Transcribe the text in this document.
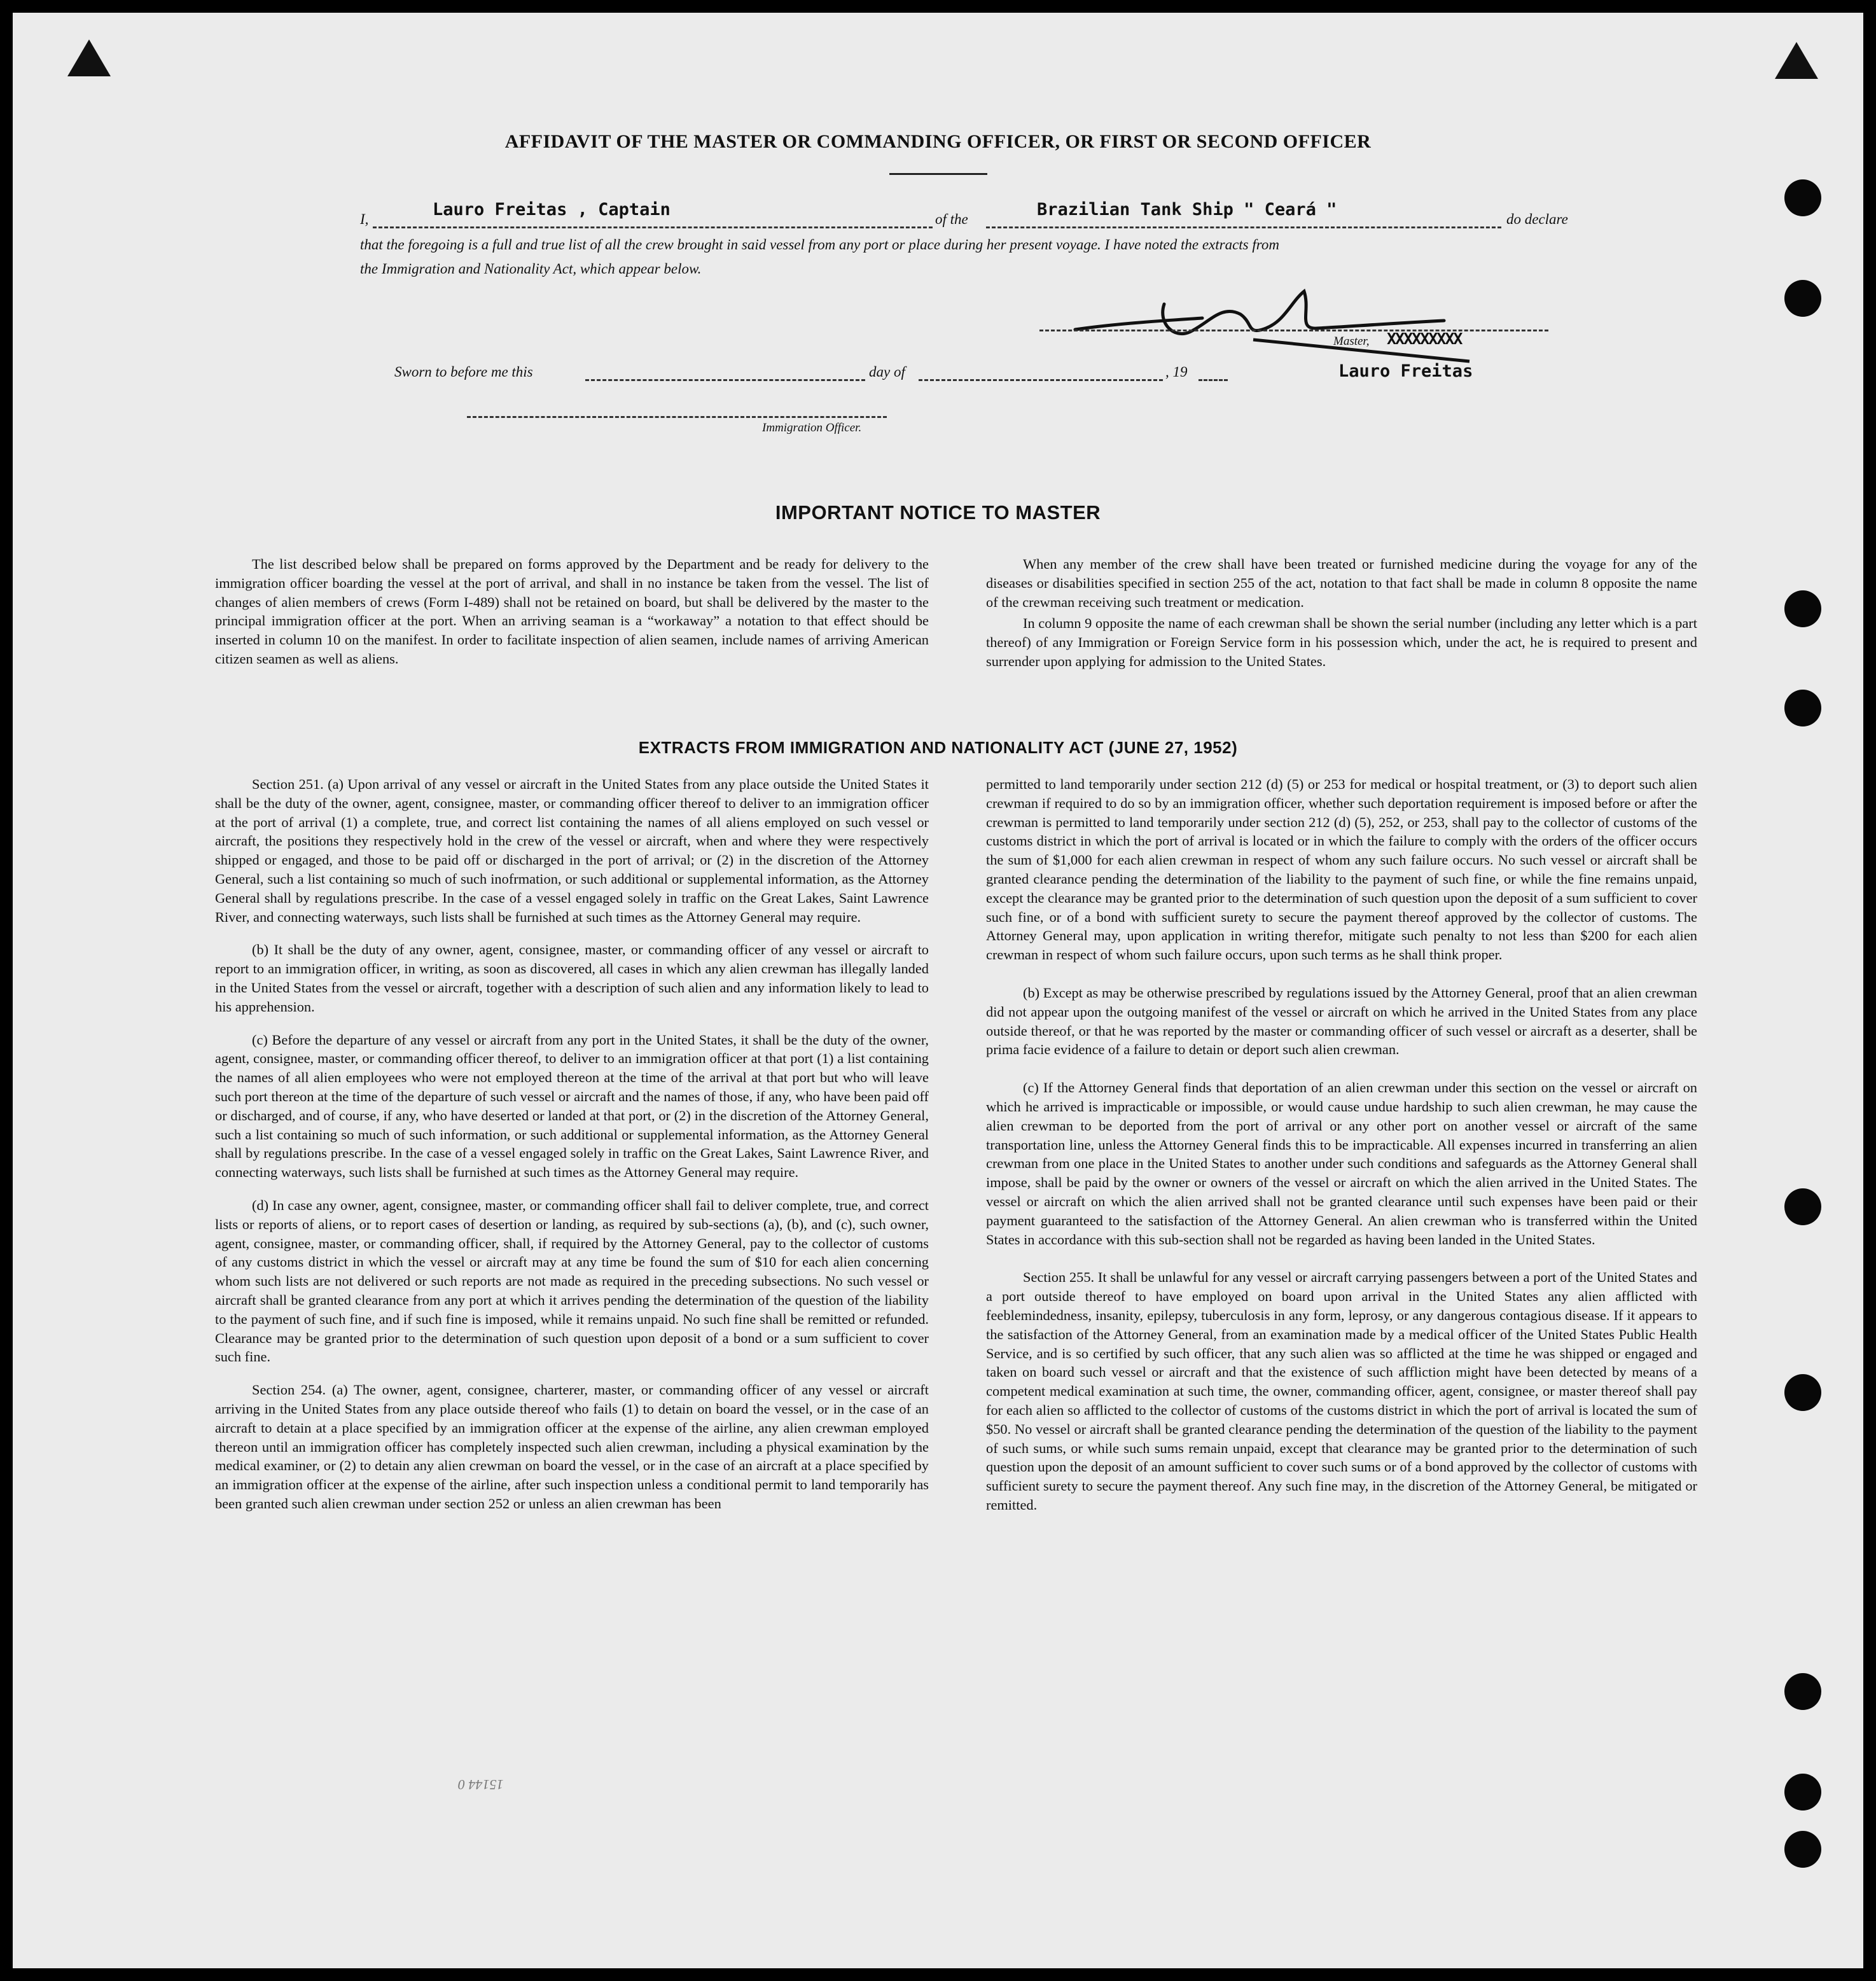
AFFIDAVIT OF THE MASTER OR COMMANDING OFFICER, OR FIRST OR SECOND OFFICER
I,	Lauro Freitas , Captain	of the	Brazilian Tank Ship " Ceará "	do declare
that the foregoing is a full and true list of all the crew brought in said vessel from any port or place during her present voyage. I have noted the extracts from
the Immigration and Nationality Act, which appear below.
Master, XXXXXXXXX
Lauro Freitas
Sworn to before me this	day of	, 19
Immigration Officer.
IMPORTANT NOTICE TO MASTER

The list described below shall be prepared on forms approved by the Department and be ready for delivery to the immigration officer boarding the vessel at the port of arrival, and shall in no instance be taken from the vessel. The list of changes of alien members of crews (Form I-489) shall not be retained on board, but shall be delivered by the master to the principal immigration officer at the port. When an arriving seaman is a “workaway” a notation to that effect should be inserted in column 10 on the manifest. In order to facilitate inspection of alien seamen, include names of arriving American citizen seamen as well as aliens.

When any member of the crew shall have been treated or furnished medicine during the voyage for any of the diseases or disabilities specified in section 255 of the act, notation to that fact shall be made in column 8 opposite the name of the crewman receiving such treatment or medication.

In column 9 opposite the name of each crewman shall be shown the serial number (including any letter which is a part thereof) of any Immigration or Foreign Service form in his possession which, under the act, he is required to present and surrender upon applying for admission to the United States.

EXTRACTS FROM IMMIGRATION AND NATIONALITY ACT (JUNE 27, 1952)

Section 251. (a) Upon arrival of any vessel or aircraft in the United States from any place outside the United States it shall be the duty of the owner, agent, consignee, master, or commanding officer thereof to deliver to an immigration officer at the port of arrival (1) a complete, true, and correct list containing the names of all aliens employed on such vessel or aircraft, the positions they respectively hold in the crew of the vessel or aircraft, when and where they were respectively shipped or engaged, and those to be paid off or discharged in the port of arrival; or (2) in the discretion of the Attorney General, such a list containing so much of such inofrmation, or such additional or supplemental information, as the Attorney General shall by regulations prescribe. In the case of a vessel engaged solely in traffic on the Great Lakes, Saint Lawrence River, and connecting waterways, such lists shall be furnished at such times as the Attorney General may require.

(b) It shall be the duty of any owner, agent, consignee, master, or commanding officer of any vessel or aircraft to report to an immigration officer, in writing, as soon as discovered, all cases in which any alien crewman has illegally landed in the United States from the vessel or aircraft, together with a description of such alien and any information likely to lead to his apprehension.

(c) Before the departure of any vessel or aircraft from any port in the United States, it shall be the duty of the owner, agent, consignee, master, or commanding officer thereof, to deliver to an immigration officer at that port (1) a list containing the names of all alien employees who were not employed thereon at the time of the arrival at that port but who will leave such port thereon at the time of the departure of such vessel or aircraft and the names of those, if any, who have been paid off or discharged, and of course, if any, who have deserted or landed at that port, or (2) in the discretion of the Attorney General, such a list containing so much of such information, or such additional or supplemental information, as the Attorney General shall by regulations prescribe. In the case of a vessel engaged solely in traffic on the Great Lakes, Saint Lawrence River, and connecting waterways, such lists shall be furnished at such times as the Attorney General may require.

(d) In case any owner, agent, consignee, master, or commanding officer shall fail to deliver complete, true, and correct lists or reports of aliens, or to report cases of desertion or landing, as required by sub-sections (a), (b), and (c), such owner, agent, consignee, master, or commanding officer, shall, if required by the Attorney General, pay to the collector of customs of any customs district in which the vessel or aircraft may at any time be found the sum of $10 for each alien concerning whom such lists are not delivered or such reports are not made as required in the preceding subsections. No such vessel or aircraft shall be granted clearance from any port at which it arrives pending the determination of the question of the liability to the payment of such fine, and if such fine is imposed, while it remains unpaid. No such fine shall be remitted or refunded. Clearance may be granted prior to the determination of such question upon deposit of a bond or a sum sufficient to cover such fine.

Section 254. (a) The owner, agent, consignee, charterer, master, or commanding officer of any vessel or aircraft arriving in the United States from any place outside thereof who fails (1) to detain on board the vessel, or in the case of an aircraft to detain at a place specified by an immigration officer at the expense of the airline, any alien crewman employed thereon until an immigration officer has completely inspected such alien crewman, including a physical examination by the medical examiner, or (2) to detain any alien crewman on board the vessel, or in the case of an aircraft at a place specified by an immigration officer at the expense of the airline, after such inspection unless a conditional permit to land temporarily has been granted such alien crewman under section 252 or unless an alien crewman has been

permitted to land temporarily under section 212 (d) (5) or 253 for medical or hospital treatment, or (3) to deport such alien crewman if required to do so by an immigration officer, whether such deportation requirement is imposed before or after the crewman is permitted to land temporarily under section 212 (d) (5), 252, or 253, shall pay to the collector of customs of the customs district in which the port of arrival is located or in which the failure to comply with the orders of the officer occurs the sum of $1,000 for each alien crewman in respect of whom any such failure occurs. No such vessel or aircraft shall be granted clearance pending the determination of the liability to the payment of such fine, or while the fine remains unpaid, except the clearance may be granted prior to the determination of such question upon the deposit of a sum sufficient to cover such fine, or of a bond with sufficient surety to secure the payment thereof approved by the collector of customs. The Attorney General may, upon application in writing therefor, mitigate such penalty to not less than $200 for each alien crewman in respect of whom such failure occurs, upon such terms as he shall think proper.

(b) Except as may be otherwise prescribed by regulations issued by the Attorney General, proof that an alien crewman did not appear upon the outgoing manifest of the vessel or aircraft on which he arrived in the United States from any place outside thereof, or that he was reported by the master or commanding officer of such vessel or aircraft as a deserter, shall be prima facie evidence of a failure to detain or deport such alien crewman.

(c) If the Attorney General finds that deportation of an alien crewman under this section on the vessel or aircraft on which he arrived is impracticable or impossible, or would cause undue hardship to such alien crewman, he may cause the alien crewman to be deported from the port of arrival or any other port on another vessel or aircraft of the same transportation line, unless the Attorney General finds this to be impracticable. All expenses incurred in transferring an alien crewman from one place in the United States to another under such conditions and safeguards as the Attorney General shall impose, shall be paid by the owner or owners of the vessel or aircraft on which the alien arrived in the United States. The vessel or aircraft on which the alien arrived shall not be granted clearance until such expenses have been paid or their payment guaranteed to the satisfaction of the Attorney General. An alien crewman who is transferred within the United States in accordance with this sub-section shall not be regarded as having been landed in the United States.

Section 255. It shall be unlawful for any vessel or aircraft carrying passengers between a port of the United States and a port outside thereof to have employed on board upon arrival in the United States any alien afflicted with feeblemindedness, insanity, epilepsy, tuberculosis in any form, leprosy, or any dangerous contagious disease. If it appears to the satisfaction of the Attorney General, from an examination made by a medical officer of the United States Public Health Service, and is so certified by such officer, that any such alien was so afflicted at the time he was shipped or engaged and taken on board such vessel or aircraft and that the existence of such affliction might have been detected by means of a competent medical examination at such time, the owner, commanding officer, agent, consignee, or master thereof shall pay for each alien so afflicted to the collector of customs of the customs district in which the port of arrival is located the sum of $50. No vessel or aircraft shall be granted clearance pending the determination of the question of the liability to the payment of such sums, or while such sums remain unpaid, except that clearance may be granted prior to the determination of such question upon the deposit of an amount sufficient to cover such sums or of a bond approved by the collector of customs with sufficient surety to secure the payment thereof. Any such fine may, in the discretion of the Attorney General, be mitigated or remitted.

15144 0
